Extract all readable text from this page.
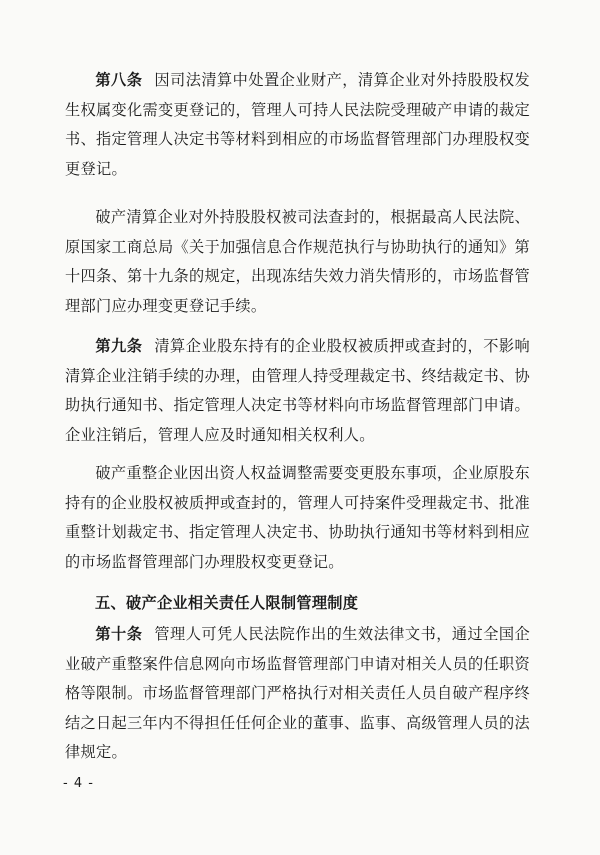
第八条 因司法清算中处置企业财产，清算企业对外持股股权发生权属变化需变更登记的，管理人可持人民法院受理破产申请的裁定书、指定管理人决定书等材料到相应的市场监督管理部门办理股权变更登记。

破产清算企业对外持股股权被司法查封的，根据最高人民法院、原国家工商总局《关于加强信息合作规范执行与协助执行的通知》第十四条、第十九条的规定，出现冻结失效力消失情形的，市场监督管理部门应办理变更登记手续。

第九条 清算企业股东持有的企业股权被质押或查封的，不影响清算企业注销手续的办理，由管理人持受理裁定书、终结裁定书、协助执行通知书、指定管理人决定书等材料向市场监督管理部门申请。企业注销后，管理人应及时通知相关权利人。

破产重整企业因出资人权益调整需要变更股东事项，企业原股东持有的企业股权被质押或查封的，管理人可持案件受理裁定书、批准重整计划裁定书、指定管理人决定书、协助执行通知书等材料到相应的市场监督管理部门办理股权变更登记。

五、破产企业相关责任人限制管理制度

第十条 管理人可凭人民法院作出的生效法律文书，通过全国企业破产重整案件信息网向市场监督管理部门申请对相关人员的任职资格等限制。市场监督管理部门严格执行对相关责任人员自破产程序终结之日起三年内不得担任任何企业的董事、监事、高级管理人员的法律规定。

- 4 -
